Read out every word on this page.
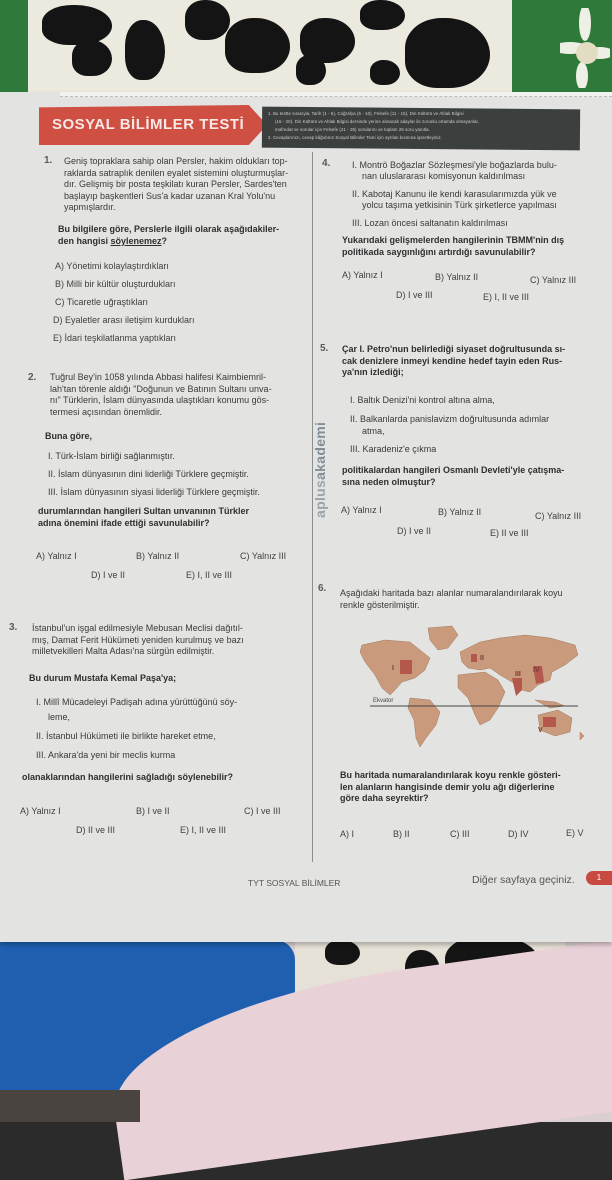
SOSYAL BİLİMLER TESTİ
1. Bu testte sırasıyla, Tarih (1 - 5), Coğrafya (6 - 10), Felsefe (11 - 15), Din Kültürü ve Ahlak Bilgisi
(16 - 20). Din Kültürü ve Ahlak Bilgisi dersinde yerine alınacak adaylar ile zorunlu ortamda olmayanlar,
müfredat ve sorular için Felsefe (21 - 25) sorularını ve toplam 25 soru yanıtla.
2. Cevaplarınızı, cevap kâğıdının Sosyal Bilimler Testi için ayrılan kısmına işaretleyiniz.
aplusakademi
1. Geniş topraklara sahip olan Persler, hakim oldukları top-
raklarda satraplık denilen eyalet sistemini oluşturmuşlar-
dır. Gelişmiş bir posta teşkilatı kuran Persler, Sardes'ten
başlayıp başkentleri Sus'a kadar uzanan Kral Yolu'nu
yapmışlardır.
Bu bilgilere göre, Perslerle ilgili olarak aşağıdakiler-
den hangisi söylenemez?
A) Yönetimi kolaylaştırdıkları
B) Milli bir kültür oluşturdukları
C) Ticaretle uğraştıkları
D) Eyaletler arası iletişim kurdukları
E) İdari teşkilatlanma yaptıkları
2. Tuğrul Bey'in 1058 yılında Abbasi halifesi Kaimbiemril-
lah'tan törenle aldığı "Doğunun ve Batının Sultanı unva-
nı" Türklerin, İslam dünyasında ulaştıkları konumu gös-
termesi açısından önemlidir.
Buna göre,
I. Türk-İslam birliği sağlanmıştır.
II. İslam dünyasının dini liderliği Türklere geçmiştir.
III. İslam dünyasının siyasi liderliği Türklere geçmiştir.
durumlarından hangileri Sultan unvanının Türkler
adına önemini ifade ettiği savunulabilir?
A) Yalnız I	B) Yalnız II	C) Yalnız III
D) I ve II	E) I, II ve III
3. İstanbul'un işgal edilmesiyle Mebusan Meclisi dağıtıl-
mış, Damat Ferit Hükümeti yeniden kurulmuş ve bazı
milletvekilleri Malta Adası'na sürgün edilmiştir.
Bu durum Mustafa Kemal Paşa'ya;
I. Millî Mücadeleyi Padişah adına yürüttüğünü söy-
leme,
II. İstanbul Hükümeti ile birlikte hareket etme,
III. Ankara'da yeni bir meclis kurma
olanaklarından hangilerini sağladığı söylenebilir?
A) Yalnız I	B) I ve II	C) I ve III
D) II ve III	E) I, II ve III
4. I. Montrö Boğazlar Sözleşmesi'yle boğazlarda bulu-
nan uluslararası komisyonun kaldırılması
II. Kabotaj Kanunu ile kendi karasularımızda yük ve
yolcu taşıma yetkisinin Türk şirketlerce yapılması
III. Lozan öncesi saltanatın kaldırılması
Yukarıdaki gelişmelerden hangilerinin TBMM'nin dış
politikada saygınlığını artırdığı savunulabilir?
A) Yalnız I	B) Yalnız II	C) Yalnız III
D) I ve III	E) I, II ve III
5. Çar I. Petro'nun belirlediği siyaset doğrultusunda sı-
cak denizlere inmeyi kendine hedef tayin eden Rus-
ya'nın izlediği;
I. Baltık Denizi'ni kontrol altına alma,
II. Balkanlarda panislavizm doğrultusunda adımlar
atma,
III. Karadeniz'e çıkma
politikalardan hangileri Osmanlı Devleti'yle çatışma-
sına neden olmuştur?
A) Yalnız I	B) Yalnız II	C) Yalnız III
D) I ve II	E) II ve III
6. Aşağıdaki haritada bazı alanlar numaralandırılarak koyu
renkle gösterilmiştir.
Ekvator
I
II
III
IV
V
Bu haritada numaralandırılarak koyu renkle gösteri-
len alanların hangisinde demir yolu ağı diğerlerine
göre daha seyrektir?
A) I	B) II	C) III	D) IV	E) V
TYT SOSYAL BİLİMLER	Diğer sayfaya geçiniz.	1
